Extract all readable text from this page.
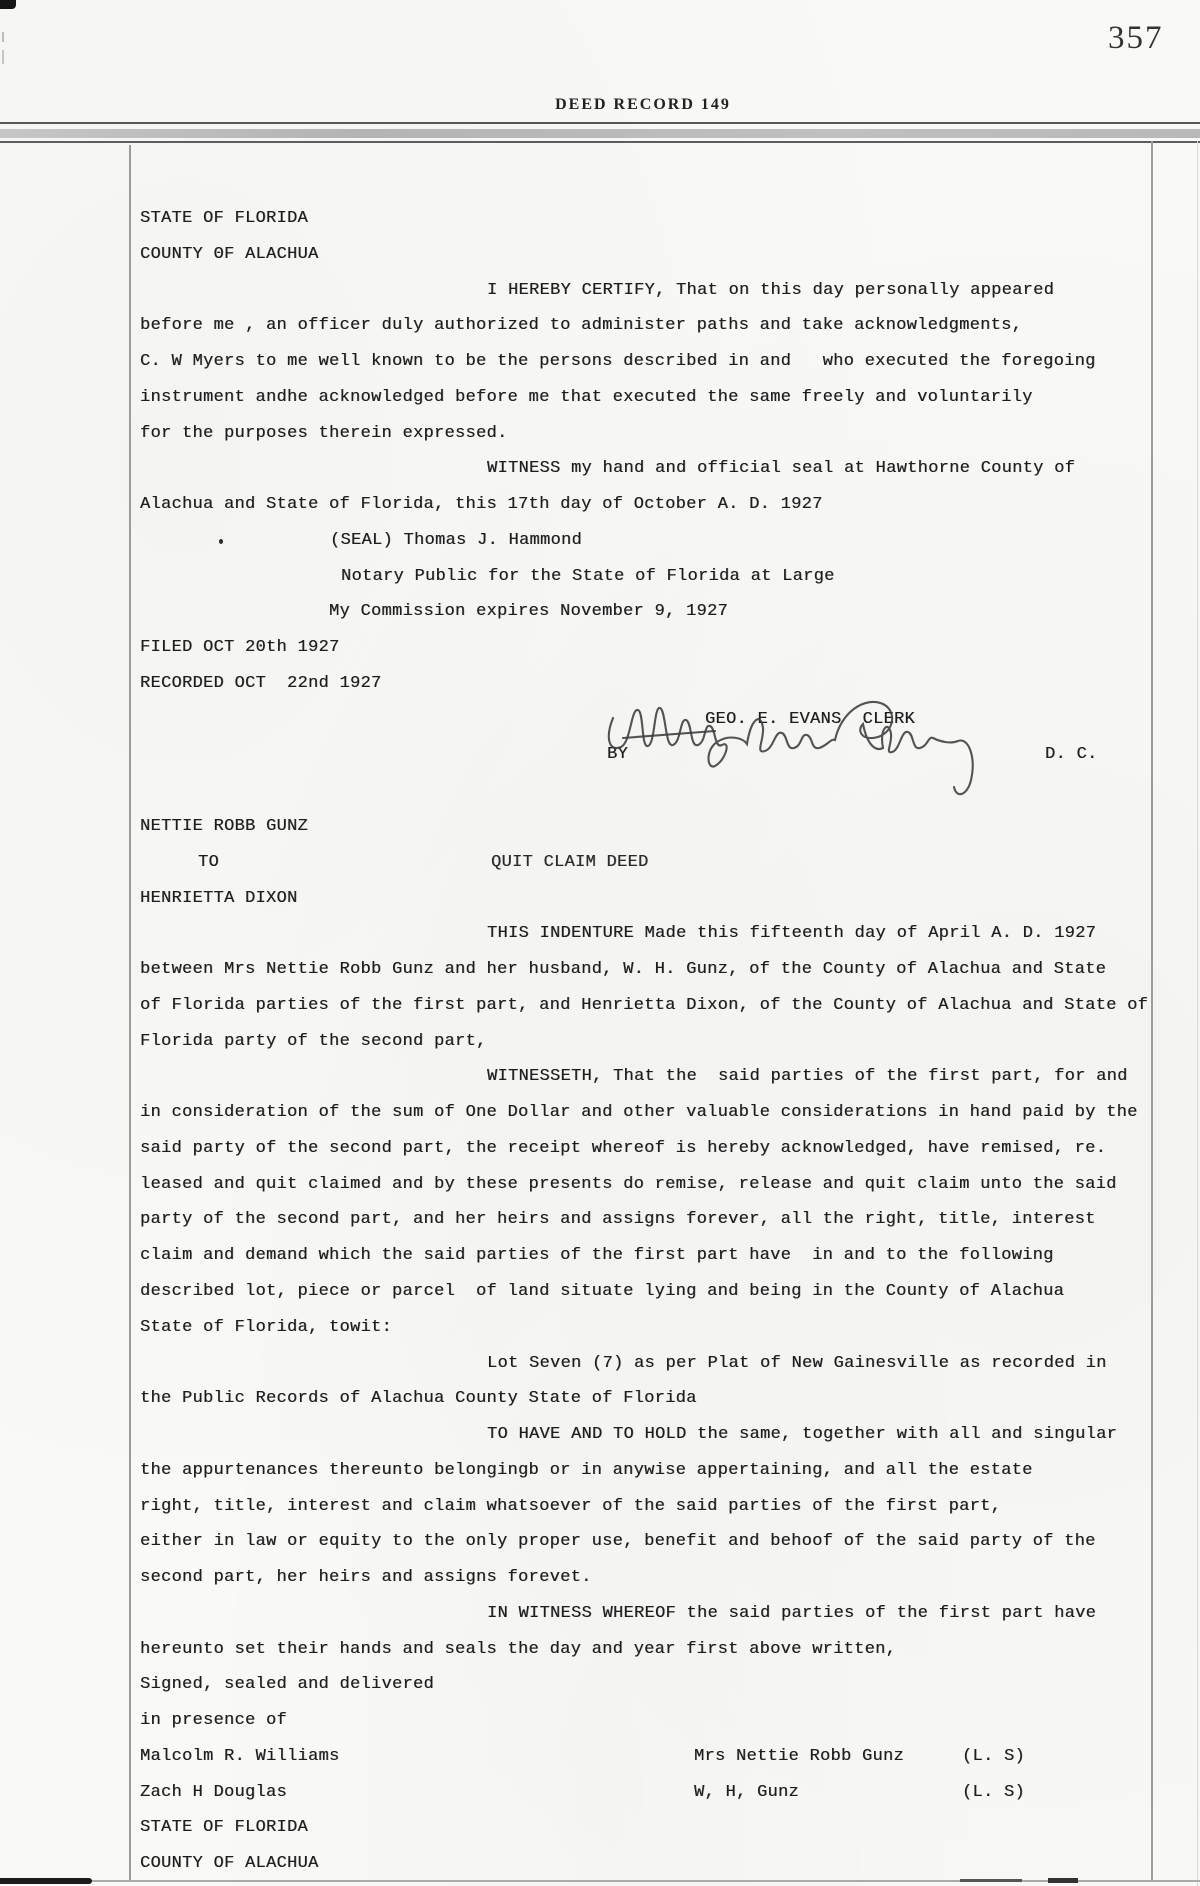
357
DEED RECORD 149
STATE OF FLORIDA
COUNTY ΘF ALACHUA
I HEREBY CERTIFY, That on this day personally appeared
before me , an officer duly authorized to administer paths and take acknowledgments,
C. W Myers to me well known to be the persons described in and   who executed the foregoing
instrument andhe acknowledged before me that executed the same freely and voluntarily
for the purposes therein expressed.
WITNESS my hand and official seal at Hawthorne County of
Alachua and State of Florida, this 17th day of October A. D. 1927
(SEAL) Thomas J. Hammond
Notary Public for the State of Florida at Large
My Commission expires November 9, 1927
FILED OCT 20th 1927
RECORDED OCT  22nd 1927
GEO. E. EVANS  CLERK
BY	D. C.
NETTIE ROBB GUNZ
TO	QUIT CLAIM DEED
HENRIETTA DIXON
THIS INDENTURE Made this fifteenth day of April A. D. 1927
between Mrs Nettie Robb Gunz and her husband, W. H. Gunz, of the County of Alachua and State
of Florida parties of the first part, and Henrietta Dixon, of the County of Alachua and State of
Florida party of the second part,
WITNESSETH, That the  said parties of the first part, for and
in consideration of the sum of One Dollar and other valuable considerations in hand paid by the
said party of the second part, the receipt whereof is hereby acknowledged, have remised, re.
leased and quit claimed and by these presents do remise, release and quit claim unto the said
party of the second part, and her heirs and assigns forever, all the right, title, interest
claim and demand which the said parties of the first part have  in and to the following
described lot, piece or parcel  of land situate lying and being in the County of Alachua
State of Florida, towit:
Lot Seven (7) as per Plat of New Gainesville as recorded in
the Public Records of Alachua County State of Florida
TO HAVE AND TO HOLD the same, together with all and singular
the appurtenances thereunto belongingb or in anywise appertaining, and all the estate
right, title, interest and claim whatsoever of the said parties of the first part,
either in law or equity to the only proper use, benefit and behoof of the said party of the
second part, her heirs and assigns forevet.
IN WITNESS WHEREOF the said parties of the first part have
hereunto set their hands and seals the day and year first above written,
Signed, sealed and delivered
in presence of
Malcolm R. Williams	Mrs Nettie Robb Gunz	(L. S)
Zach H Douglas	W, H, Gunz	(L. S)
STATE OF FLORIDA
COUNTY OF ALACHUA
